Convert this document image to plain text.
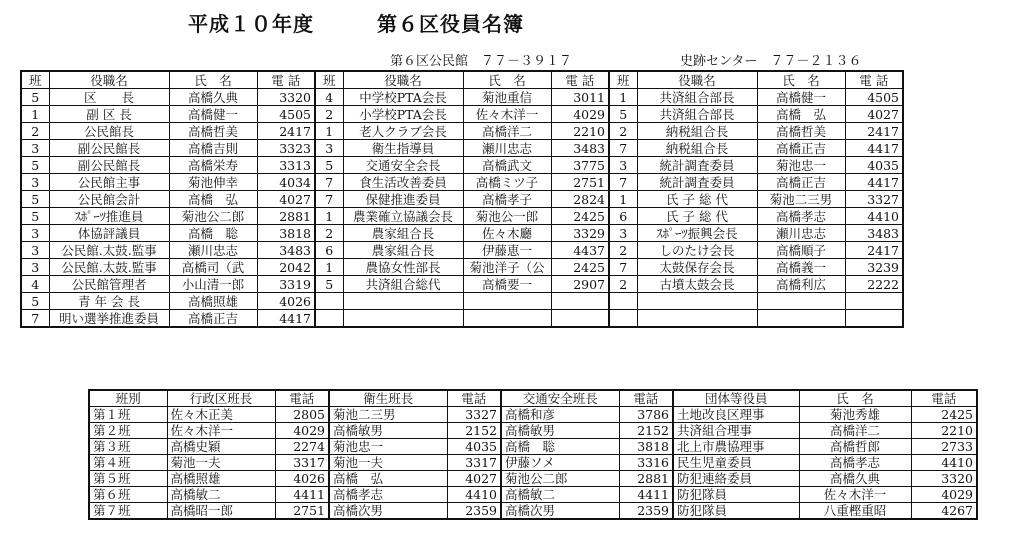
平成１０年度　　　第６区役員名簿
第６区公民館　 ７７－３９１７	史跡センター　 ７７－２１３６
班	役職名	氏　名	電 話	班	役職名	氏　名	電 話	班	役職名	氏　名	電 話
5	区　　長	高橋久典	3320	4	中学校PTA会長	菊池重信	3011	1	共済組合部長	高橋健一	4505
1	副 区 長	高橋健一	4505	2	小学校PTA会長	佐々木洋一	4029	5	共済組合部長	高橋　弘	4027
2	公民館長	高橋哲美	2417	1	老人クラブ会長	高橋洋二	2210	2	納税組合長	高橋哲美	2417
3	副公民館長	高橋吉則	3323	3	衛生指導員	瀬川忠志	3483	7	納税組合長	高橋正吉	4417
5	副公民館長	高橋栄寿	3313	5	交通安全会長	高橋武文	3775	3	統計調査委員	菊池忠一	4035
3	公民館主事	菊池伸幸	4034	7	食生活改善委員	高橋ミツ子	2751	7	統計調査委員	高橋正吉	4417
5	公民館会計	高橋　弘	4027	7	保健推進委員	高橋孝子	2824	1	氏 子 総 代	菊池二三男	3327
5	ｽﾎﾟｰﾂ推進員	菊池公二郎	2881	1	農業確立協議会長	菊池公一郎	2425	6	氏 子 総 代	高橋孝志	4410
3	体協評議員	高橋　聡	3818	2	農家組合長	佐々木廳	3329	3	ｽﾎﾟｰﾂ振興会長	瀬川忠志	3483
3	公民館.太鼓.監事	瀬川忠志	3483	6	農家組合長	伊藤恵一	4437	2	しのたけ会長	高橋順子	2417
3	公民館.太鼓.監事	高橋司（武	2042	1	農協女性部長	菊池洋子（公	2425	7	太鼓保存会長	高橋義一	3239
4	公民館管理者	小山清一郎	3319	5	共済組合総代	高橋要一	2907	2	古墳太鼓会長	高橋利広	2222
5	青 年 会 長	高橋照雄	4026								
7	明い選挙推進委員	高橋正吉	4417								
班別	行政区班長	電話	衛生班長	電話	交通安全班長	電話	団体等役員	氏　名	電話
第１班	佐々木正美	2805	菊池二三男	3327	高橋和彦	3786	土地改良区理事	菊池秀雄	2425
第２班	佐々木洋一	4029	高橋敏男	2152	高橋敏男	2152	共済組合理事	高橋洋二	2210
第３班	高橋史穎	2274	菊池忠一	4035	高橋　聡	3818	北上市農協理事	高橋哲郎	2733
第４班	菊池一夫	3317	菊池一夫	3317	伊藤ソメ	3316	民生児童委員	高橋孝志	4410
第５班	高橋照雄	4026	高橋　弘	4027	菊池公二郎	2881	防犯連絡委員	高橋久典	3320
第６班	高橋敏二	4411	高橋孝志	4410	高橋敏二	4411	防犯隊員	佐々木洋一	4029
第７班	高橋昭一郎	2751	高橋次男	2359	高橋次男	2359	防犯隊員	八重樫重昭	4267
